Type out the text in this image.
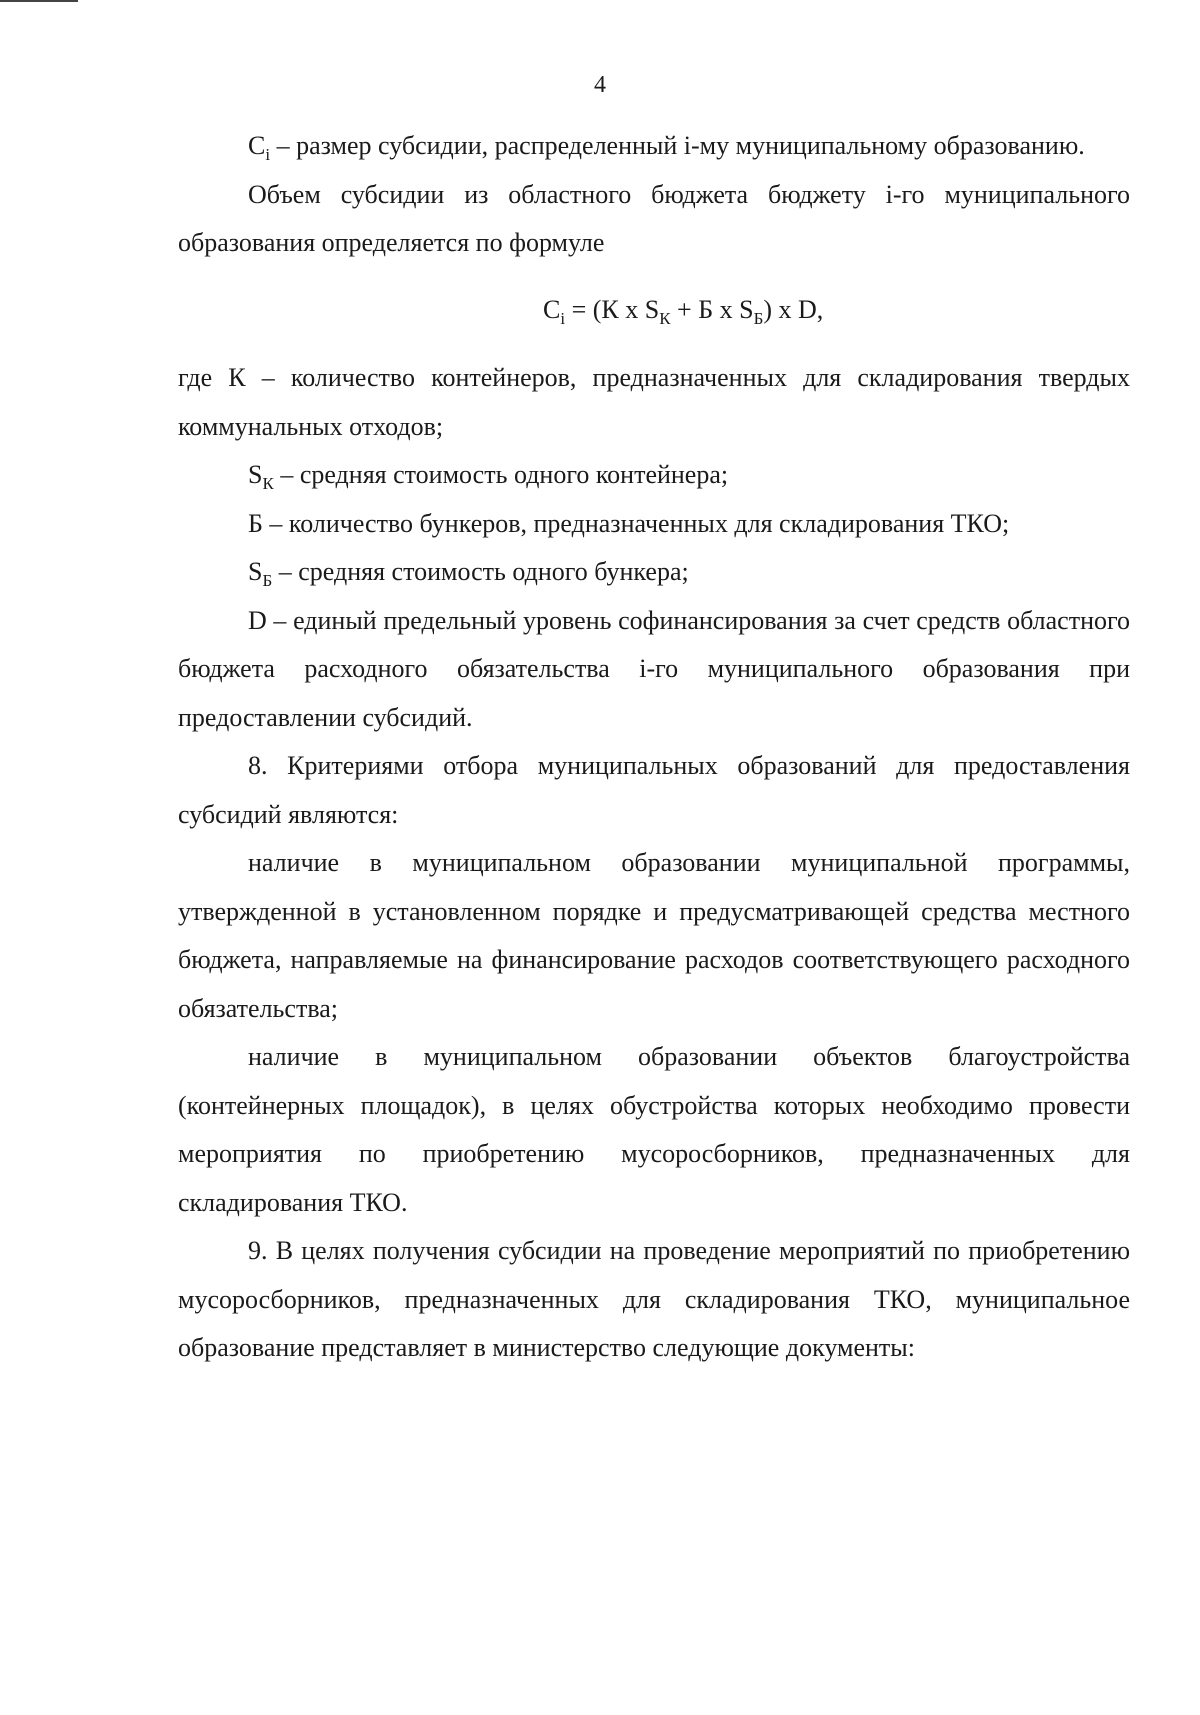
4

$C_i$ – размер субсидии, распределенный i-му муниципальному образованию.

Объем субсидии из областного бюджета бюджету i-го муниципального образования определяется по формуле

$C_i = (К$ х $S_К + Б$ х $S_Б$) х D,

где К – количество контейнеров, предназначенных для складирования твердых коммунальных отходов;

$S_К$ – средняя стоимость одного контейнера;

Б – количество бункеров, предназначенных для складирования ТКО;

$S_Б$ – средняя стоимость одного бункера;

D – единый предельный уровень софинансирования за счет средств областного бюджета расходного обязательства i-го муниципального образования при предоставлении субсидий.

8. Критериями отбора муниципальных образований для предоставления субсидий являются:

наличие в муниципальном образовании муниципальной программы, утвержденной в установленном порядке и предусматривающей средства местного бюджета, направляемые на финансирование расходов соответствующего расходного обязательства;

наличие в муниципальном образовании объектов благоустройства (контейнерных площадок), в целях обустройства которых необходимо провести мероприятия по приобретению мусоросборников, предназначенных для складирования ТКО.

9. В целях получения субсидии на проведение мероприятий по приобретению мусоросборников, предназначенных для складирования ТКО, муниципальное образование представляет в министерство следующие документы:
